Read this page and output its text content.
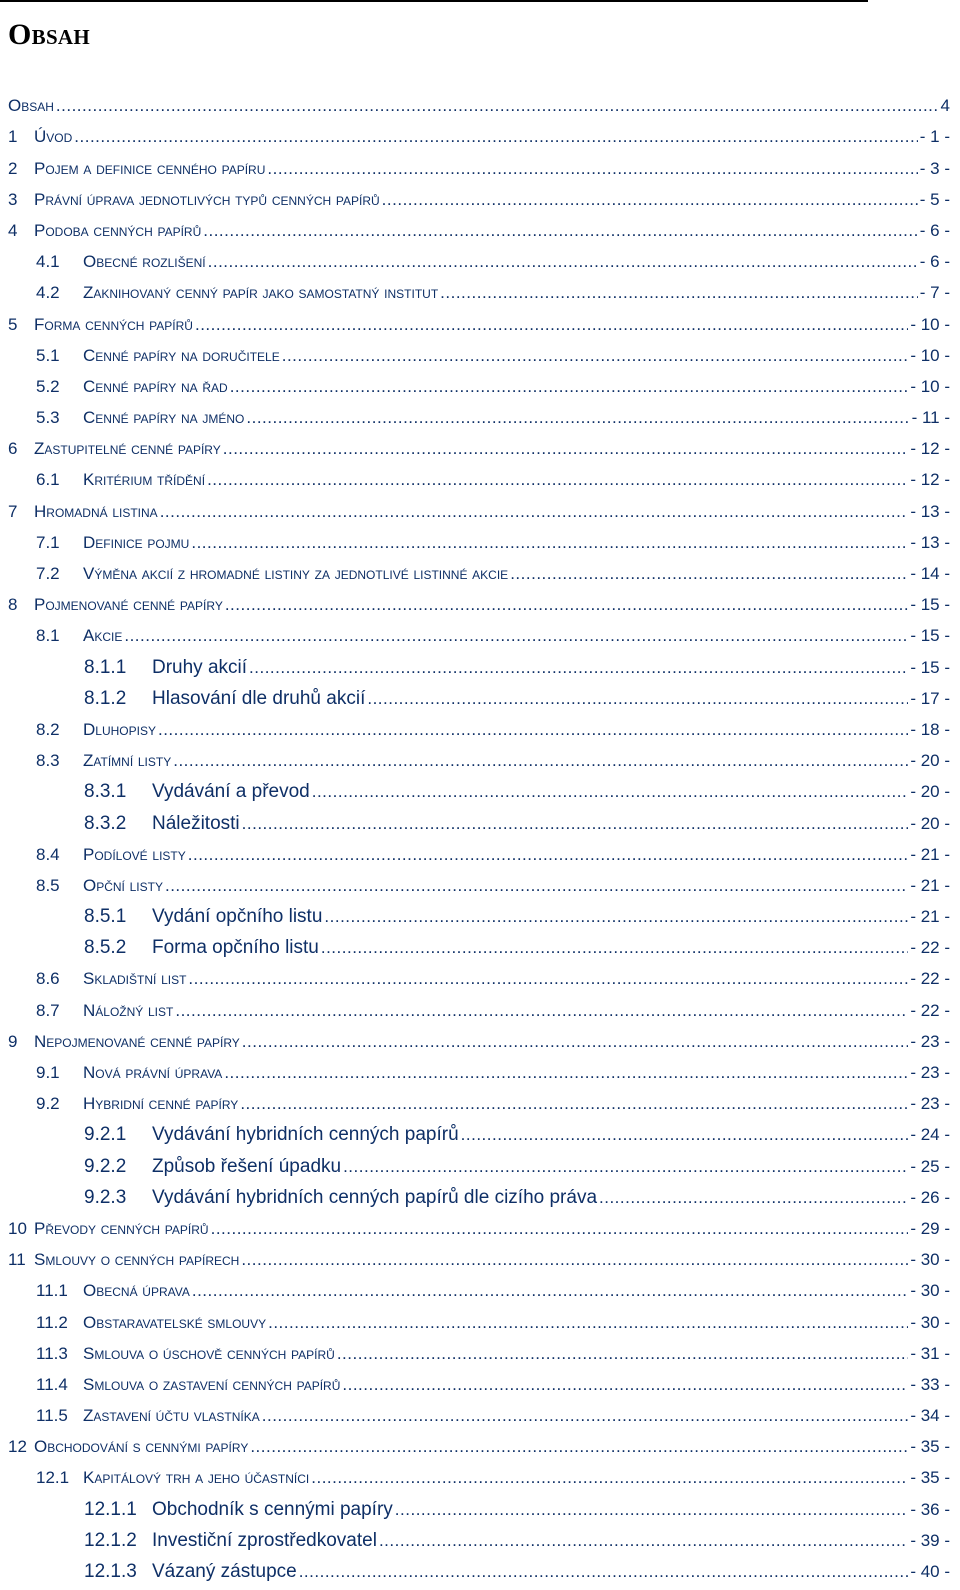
Obsah
Obsah .....	4
1 Úvod .....	- 1 -
2 Pojem a definice cenného papíru .....	- 3 -
3 Právní úprava jednotlivých typů cenných papírů .....	- 5 -
4 Podoba cenných papírů .....	- 6 -
4.1	Obecné rozlišení .....	- 6 -
4.2	Zaknihovaný cenný papír jako samostatný institut .....	- 7 -
5 Forma cenných papírů .....	- 10 -
5.1	Cenné papíry na doručitele .....	- 10 -
5.2	Cenné papíry na řad .....	- 10 -
5.3	Cenné papíry na jméno .....	- 11 -
6 Zastupitelné cenné papíry .....	- 12 -
6.1	Kritérium třídění .....	- 12 -
7 Hromadná listina .....	- 13 -
7.1	Definice pojmu .....	- 13 -
7.2	Výměna akcií z hromadné listiny za jednotlivé listinné akcie .....	- 14 -
8 Pojmenované cenné papíry .....	- 15 -
8.1	Akcie .....	- 15 -
8.1.1	Druhy akcií .....	- 15 -
8.1.2	Hlasování dle druhů akcií .....	- 17 -
8.2	Dluhopisy .....	- 18 -
8.3	Zatímní listy .....	- 20 -
8.3.1	Vydávání a převod .....	- 20 -
8.3.2	Náležitosti .....	- 20 -
8.4	Podílové listy .....	- 21 -
8.5	Opční listy .....	- 21 -
8.5.1	Vydání opčního listu .....	- 21 -
8.5.2	Forma opčního listu .....	- 22 -
8.6	Skladištní list .....	- 22 -
8.7	Náložný list .....	- 22 -
9 Nepojmenované cenné papíry .....	- 23 -
9.1	Nová právní úprava .....	- 23 -
9.2	Hybridní cenné papíry .....	- 23 -
9.2.1	Vydávání hybridních cenných papírů .....	- 24 -
9.2.2	Způsob řešení úpadku .....	- 25 -
9.2.3	Vydávání hybridních cenných papírů dle cizího práva .....	- 26 -
10 Převody cenných papírů .....	- 29 -
11 Smlouvy o cenných papírech .....	- 30 -
11.1 Obecná úprava .....	- 30 -
11.2 Obstaravatelské smlouvy .....	- 30 -
11.3 Smlouva o úschově cenných papírů .....	- 31 -
11.4 Smlouva o zastavení cenných papírů .....	- 33 -
11.5 Zastavení účtu vlastníka .....	- 34 -
12 Obchodování s cennými papíry .....	- 35 -
12.1 Kapitálový trh a jeho účastníci .....	- 35 -
12.1.1 Obchodník s cennými papíry .....	- 36 -
12.1.2 Investiční zprostředkovatel .....	- 39 -
12.1.3 Vázaný zástupce .....	- 40 -
